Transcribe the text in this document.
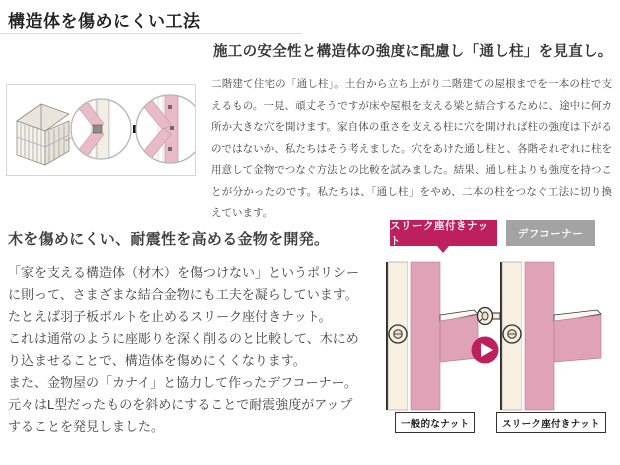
構造体を傷めにくい工法
施工の安全性と構造体の強度に配慮し「通し柱」を見直し。
二階建て住宅の「通し柱」。土台から立ち上がり二階建ての屋根までを一本の柱で支えるもの。一見、頑丈そうですが床や屋根を支える梁と結合するために、途中に何カ所か大きな穴を開けます。家自体の重さを支える柱に穴を開ければ柱の強度は下がるのではないか、私たちはそう考えました。穴をあけた通し柱と、各階それぞれに柱を用意して金物でつなぐ方法との比較を試みました。結果、通し柱よりも強度を持つことが分かったのです。私たちは、「通し柱」をやめ、二本の柱をつなぐ工法に切り換えています。
木を傷めにくい、耐震性を高める金物を開発。

「家を支える構造体（材木）を傷つけない」というポリシーに則って、さまざまな結合金物にも工夫を凝らしています。

たとえば羽子板ボルトを止めるスリーク座付きナット。

これは通常のように座彫りを深く削るのと比較して、木にめり込ませることで、構造体を傷めにくくなります。

また、金物屋の「カナイ」と協力して作ったデフコーナー。

元々はL型だったものを斜めにすることで耐震強度がアップすることを発見しました。

スリーク座付きナット
デフコーナー
一般的なナット	スリーク座付きナット
